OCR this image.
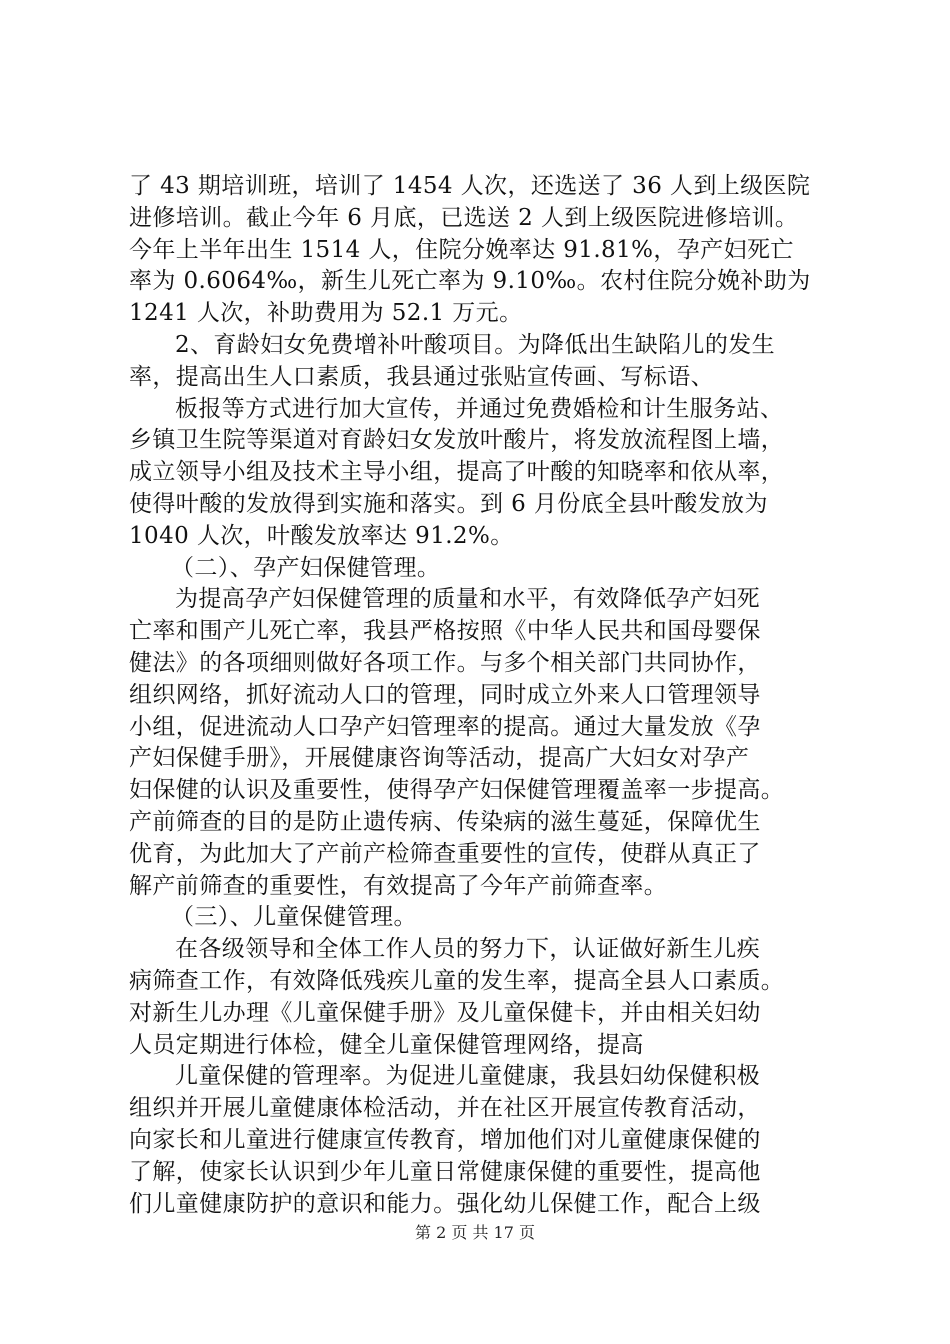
了 43 期培训班，培训了 1454 人次，还选送了 36 人到上级医院
进修培训。截止今年 6 月底，已选送 2 人到上级医院进修培训。
今年上半年出生 1514 人，住院分娩率达 91.81%，孕产妇死亡
率为 0.6064‰，新生儿死亡率为 9.10‰。农村住院分娩补助为
1241 人次，补助费用为 52.1 万元。
2、育龄妇女免费增补叶酸项目。为降低出生缺陷儿的发生
率，提高出生人口素质，我县通过张贴宣传画、写标语、
板报等方式进行加大宣传，并通过免费婚检和计生服务站、
乡镇卫生院等渠道对育龄妇女发放叶酸片，将发放流程图上墙，
成立领导小组及技术主导小组，提高了叶酸的知晓率和依从率，
使得叶酸的发放得到实施和落实。到 6 月份底全县叶酸发放为
1040 人次，叶酸发放率达 91.2%。
（二）、孕产妇保健管理。
为提高孕产妇保健管理的质量和水平，有效降低孕产妇死
亡率和围产儿死亡率，我县严格按照《中华人民共和国母婴保
健法》的各项细则做好各项工作。与多个相关部门共同协作，
组织网络，抓好流动人口的管理，同时成立外来人口管理领导
小组，促进流动人口孕产妇管理率的提高。通过大量发放《孕
产妇保健手册》，开展健康咨询等活动，提高广大妇女对孕产
妇保健的认识及重要性，使得孕产妇保健管理覆盖率一步提高。
产前筛查的目的是防止遗传病、传染病的滋生蔓延，保障优生
优育，为此加大了产前产检筛查重要性的宣传，使群从真正了
解产前筛查的重要性，有效提高了今年产前筛查率。
（三）、儿童保健管理。
在各级领导和全体工作人员的努力下，认证做好新生儿疾
病筛查工作，有效降低残疾儿童的发生率，提高全县人口素质。
对新生儿办理《儿童保健手册》及儿童保健卡，并由相关妇幼
人员定期进行体检，健全儿童保健管理网络，提高
儿童保健的管理率。为促进儿童健康，我县妇幼保健积极
组织并开展儿童健康体检活动，并在社区开展宣传教育活动，
向家长和儿童进行健康宣传教育，增加他们对儿童健康保健的
了解，使家长认识到少年儿童日常健康保健的重要性，提高他
们儿童健康防护的意识和能力。强化幼儿保健工作，配合上级
第 2 页 共 17 页
